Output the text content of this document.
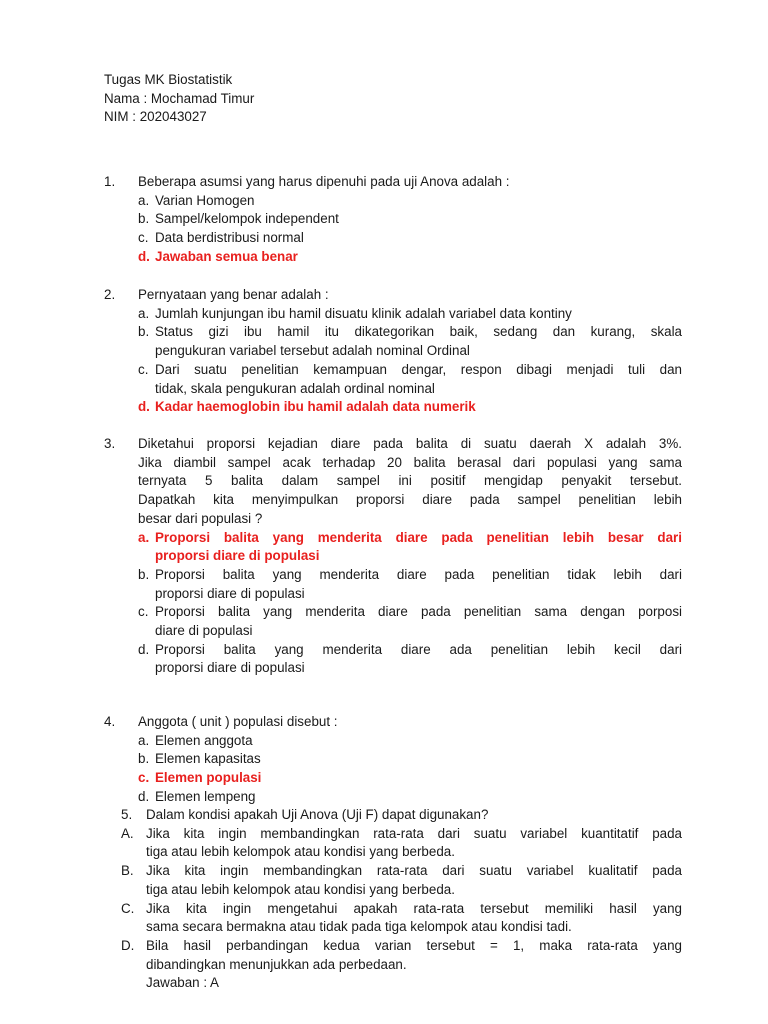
Tugas MK Biostatistik
Nama : Mochamad Timur
NIM : 202043027
1. Beberapa asumsi yang harus dipenuhi pada uji Anova adalah :
a. Varian Homogen
b. Sampel/kelompok independent
c. Data berdistribusi normal
d. Jawaban semua benar
2. Pernyataan yang benar adalah :
a. Jumlah kunjungan ibu hamil disuatu klinik adalah variabel data kontiny
b. Status gizi ibu hamil itu dikategorikan baik, sedang dan kurang, skala
pengukuran variabel tersebut adalah nominal Ordinal
c. Dari suatu penelitian kemampuan dengar, respon dibagi menjadi tuli dan
tidak, skala pengukuran adalah ordinal nominal
d. Kadar haemoglobin ibu hamil adalah data numerik
3. Diketahui proporsi kejadian diare pada balita di suatu daerah X adalah 3%.
Jika diambil sampel acak terhadap 20 balita berasal dari populasi yang sama
ternyata 5 balita dalam sampel ini positif mengidap penyakit tersebut.
Dapatkah kita menyimpulkan proporsi diare pada sampel penelitian lebih
besar dari populasi ?
a. Proporsi balita yang menderita diare pada penelitian lebih besar dari
proporsi diare di populasi
b. Proporsi balita yang menderita diare pada penelitian tidak lebih dari
proporsi diare di populasi
c. Proporsi balita yang menderita diare pada penelitian sama dengan porposi
diare di populasi
d. Proporsi balita yang menderita diare ada penelitian lebih kecil dari
proporsi diare di populasi
4. Anggota ( unit ) populasi disebut :
a. Elemen anggota
b. Elemen kapasitas
c. Elemen populasi
d. Elemen lempeng
5. Dalam kondisi apakah Uji Anova (Uji F) dapat digunakan?
A. Jika kita ingin membandingkan rata-rata dari suatu variabel kuantitatif pada
tiga atau lebih kelompok atau kondisi yang berbeda.
B. Jika kita ingin membandingkan rata-rata dari suatu variabel kualitatif pada
tiga atau lebih kelompok atau kondisi yang berbeda.
C. Jika kita ingin mengetahui apakah rata-rata tersebut memiliki hasil yang
sama secara bermakna atau tidak pada tiga kelompok atau kondisi tadi.
D. Bila hasil perbandingan kedua varian tersebut = 1, maka rata-rata yang
dibandingkan menunjukkan ada perbedaan.
Jawaban : A
